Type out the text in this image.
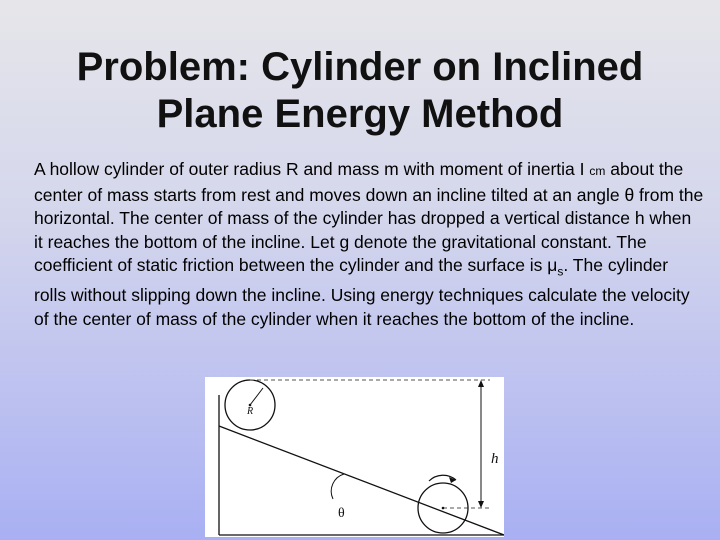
Problem: Cylinder on Inclined
Plane Energy Method
A hollow cylinder of outer radius R and mass m with moment of inertia I cm about the center of mass starts from rest and moves down an incline tilted at an angle θ from the horizontal. The center of mass of the cylinder has dropped a vertical distance h when it reaches the bottom of the incline. Let g denote the gravitational constant. The coefficient of static friction between the cylinder and the surface is $\mu_s$. The cylinder rolls without slipping down the incline. Using energy techniques calculate the velocity of the center of mass of the cylinder when it reaches the bottom of the incline.
R
h
θ
